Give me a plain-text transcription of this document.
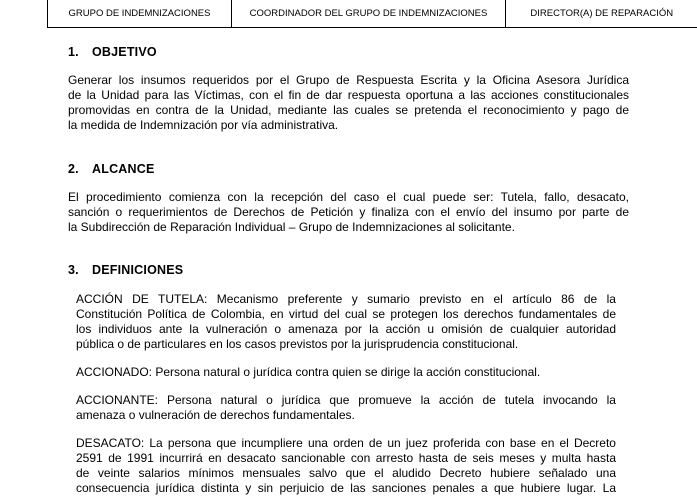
GRUPO DE INDEMNIZACIONES	COORDINADOR DEL GRUPO DE INDEMNIZACIONES	DIRECTOR(A) DE REPARACIÓN
1. OBJETIVO
Generar los insumos requeridos por el Grupo de Respuesta Escrita y la Oficina Asesora Jurídica
de la Unidad para las Víctimas, con el fin de dar respuesta oportuna a las acciones constitucionales
promovidas en contra de la Unidad, mediante las cuales se pretenda el reconocimiento y pago de
la medida de Indemnización por vía administrativa.
2. ALCANCE
El procedimiento comienza con la recepción del caso el cual puede ser: Tutela, fallo, desacato,
sanción o requerimientos de Derechos de Petición y finaliza con el envío del insumo por parte de
la Subdirección de Reparación Individual – Grupo de Indemnizaciones al solicitante.
3. DEFINICIONES
ACCIÓN DE TUTELA: Mecanismo preferente y sumario previsto en el artículo 86 de la
Constitución Política de Colombia, en virtud del cual se protegen los derechos fundamentales de
los individuos ante la vulneración o amenaza por la acción u omisión de cualquier autoridad
pública o de particulares en los casos previstos por la jurisprudencia constitucional.
ACCIONADO: Persona natural o jurídica contra quien se dirige la acción constitucional.
ACCIONANTE: Persona natural o jurídica que promueve la acción de tutela invocando la
amenaza o vulneración de derechos fundamentales.
DESACATO: La persona que incumpliere una orden de un juez proferida con base en el Decreto
2591 de 1991 incurrirá en desacato sancionable con arresto hasta de seis meses y multa hasta
de veinte salarios mínimos mensuales salvo que el aludido Decreto hubiere señalado una
consecuencia jurídica distinta y sin perjuicio de las sanciones penales a que hubiere lugar. La
